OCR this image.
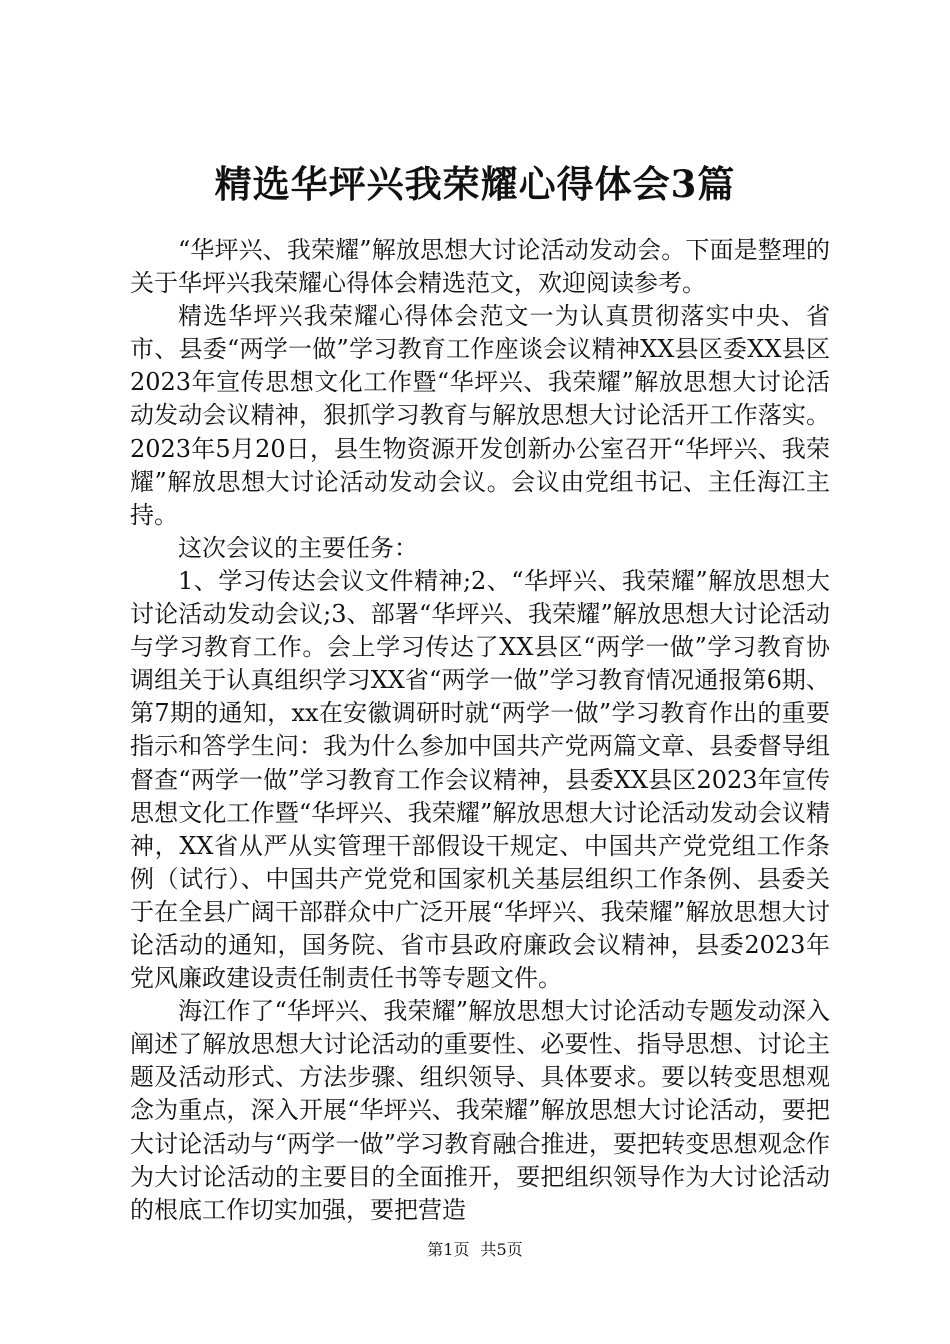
精选华坪兴我荣耀心得体会3篇

“华坪兴、我荣耀”解放思想大讨论活动发动会。下面是整理的关于华坪兴我荣耀心得体会精选范文，欢迎阅读参考。

精选华坪兴我荣耀心得体会范文一为认真贯彻落实中央、省市、县委“两学一做”学习教育工作座谈会议精神XX县区委XX县区2023年宣传思想文化工作暨“华坪兴、我荣耀”解放思想大讨论活动发动会议精神，狠抓学习教育与解放思想大讨论活开工作落实。2023年5月20日，县生物资源开发创新办公室召开“华坪兴、我荣耀”解放思想大讨论活动发动会议。会议由党组书记、主任海江主持。

这次会议的主要任务：

1、学习传达会议文件精神;2、“华坪兴、我荣耀”解放思想大讨论活动发动会议;3、部署“华坪兴、我荣耀”解放思想大讨论活动与学习教育工作。会上学习传达了XX县区“两学一做”学习教育协调组关于认真组织学习XX省“两学一做”学习教育情况通报第6期、第7期的通知，xx在安徽调研时就“两学一做”学习教育作出的重要指示和答学生问：我为什么参加中国共产党两篇文章、县委督导组督查“两学一做”学习教育工作会议精神，县委XX县区2023年宣传思想文化工作暨“华坪兴、我荣耀”解放思想大讨论活动发动会议精神，XX省从严从实管理干部假设干规定、中国共产党党组工作条例（试行）、中国共产党党和国家机关基层组织工作条例、县委关于在全县广阔干部群众中广泛开展“华坪兴、我荣耀”解放思想大讨论活动的通知，国务院、省市县政府廉政会议精神，县委2023年党风廉政建设责任制责任书等专题文件。

海江作了“华坪兴、我荣耀”解放思想大讨论活动专题发动深入阐述了解放思想大讨论活动的重要性、必要性、指导思想、讨论主题及活动形式、方法步骤、组织领导、具体要求。要以转变思想观念为重点，深入开展“华坪兴、我荣耀”解放思想大讨论活动，要把大讨论活动与“两学一做”学习教育融合推进，要把转变思想观念作为大讨论活动的主要目的全面推开，要把组织领导作为大讨论活动的根底工作切实加强，要把营造

第1页 共5页
